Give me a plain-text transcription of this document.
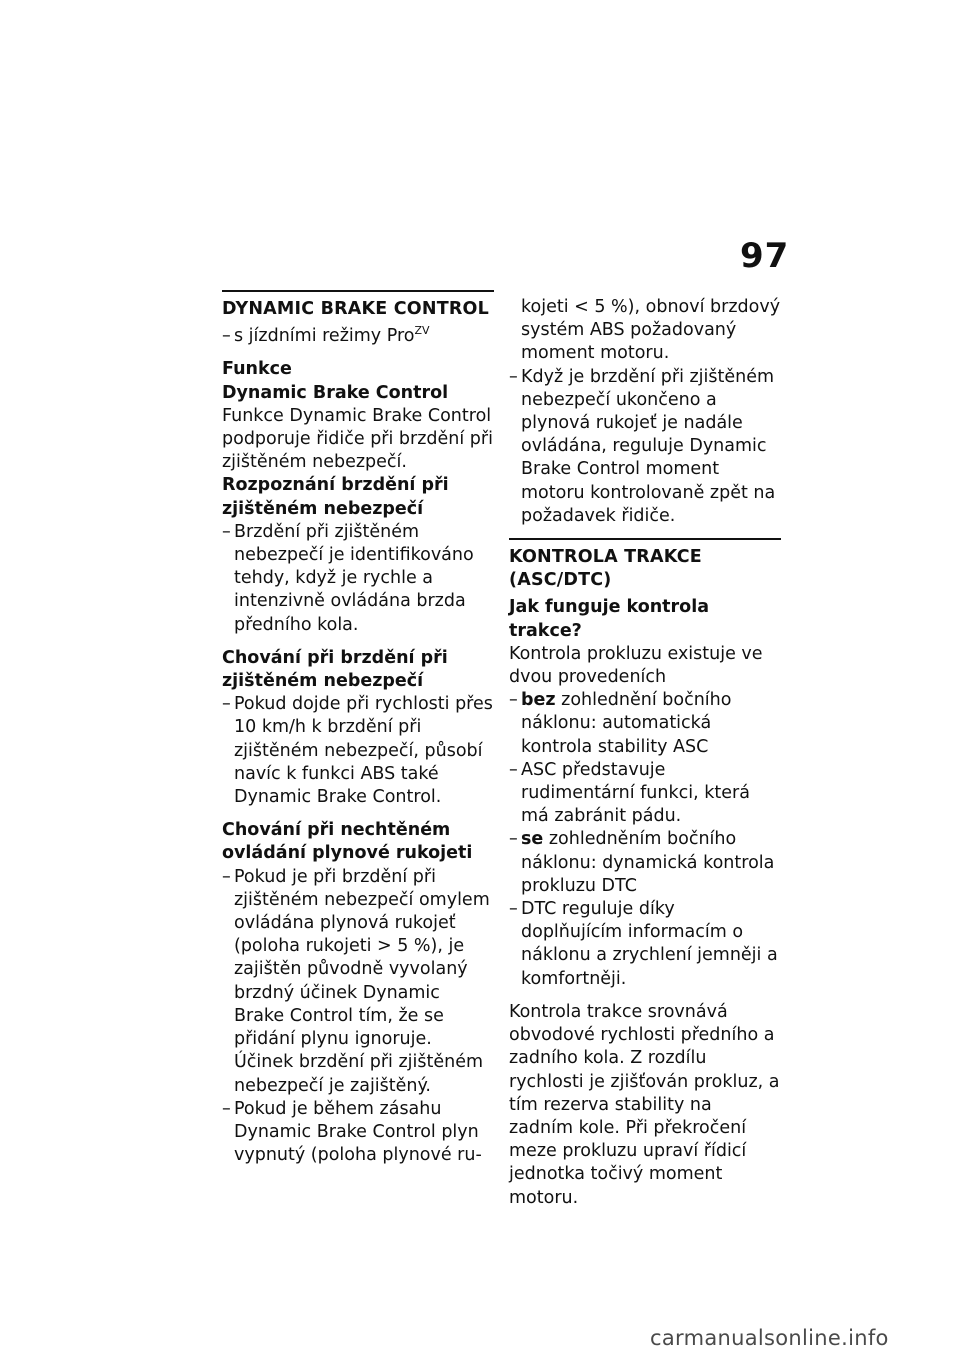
97
DYNAMIC BRAKE CONTROL
– s jízdními režimy Pro$^{ZV}$

Funkce

Dynamic Brake Control

Funkce Dynamic Brake Control podporuje řidiče při brzdění při zjištěném nebezpečí.

Rozpoznání brzdění při zjištěném nebezpečí

– Brzdění při zjištěném nebezpečí je identifikováno tehdy, když je rychle a intenzivně ovládána brzda předního kola.

Chování při brzdění při zjištěném nebezpečí

– Pokud dojde při rychlosti přes 10 km/h k brzdění při zjištěném nebezpečí, působí navíc k funkci ABS také Dynamic Brake Control.

Chování při nechtěném ovládání plynové rukojeti

– Pokud je při brzdění při zjištěném nebezpečí omylem ovládána plynová rukojeť (poloha rukojeti > 5 %), je zajištěn původně vyvolaný brzdný účinek Dynamic Brake Control tím, že se přidání plynu ignoruje. Účinek brzdění při zjištěném nebezpečí je zajištěný.
– Pokud je během zásahu Dynamic Brake Control plyn vypnutý (poloha plynové ru-
kojeti < 5 %), obnoví brzdový systém ABS požadovaný moment motoru.
– Když je brzdění při zjištěném nebezpečí ukončeno a plynová rukojeť je nadále ovládána, reguluje Dynamic Brake Control moment motoru kontrolovaně zpět na požadavek řidiče.
KONTROLA TRAKCE (ASC/DTC)

Jak funguje kontrola trakce?

Kontrola prokluzu existuje ve dvou provedeních

– bez zohlednění bočního náklonu: automatická kontrola stability ASC
– ASC představuje rudimentární funkci, která má zabránit pádu.
– se zohledněním bočního náklonu: dynamická kontrola prokluzu DTC
– DTC reguluje díky doplňujícím informacím o náklonu a zrychlení jemněji a komfortněji.

Kontrola trakce srovnává obvodové rychlosti předního a zadního kola. Z rozdílu rychlosti je zjišťován prokluz, a tím rezerva stability na zadním kole. Při překročení meze prokluzu upraví řídicí jednotka točivý moment motoru.

carmanualsonline.info
